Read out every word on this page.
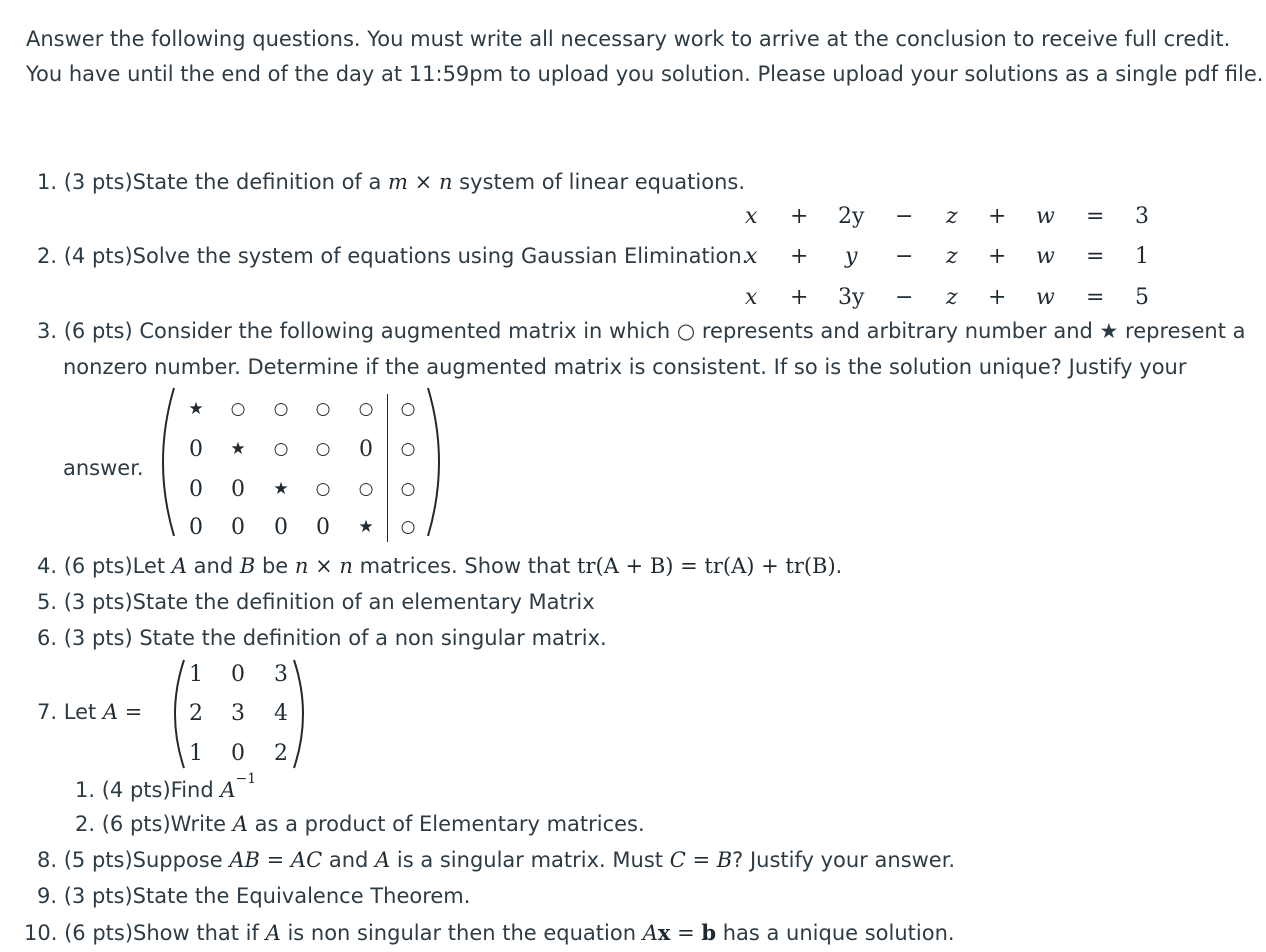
Answer the following questions. You must write all necessary work to arrive at the conclusion to receive full credit.
You have until the end of the day at 11:59pm to upload you solution. Please upload your solutions as a single pdf file.
1. (3 pts)State the definition of a m × n system of linear equations.
2. (4 pts)Solve the system of equations using Gaussian Elimination.
x + 2y − z + w = 3
x + y − z + w = 1
x + 3y − z + w = 5
3. (6 pts) Consider the following augmented matrix in which ○ represents and arbitrary number and ★ represent a
nonzero number. Determine if the augmented matrix is consistent. If so is the solution unique? Justify your
answer.
★	○	○	○	○	○
0	★	○	○	0	○
0	0	★	○	○	○
0	0	0	0	★	○
4. (6 pts)Let A and B be n × n matrices. Show that tr(A + B) = tr(A) + tr(B).
5. (3 pts)State the definition of an elementary Matrix
6. (3 pts) State the definition of a non singular matrix.
7. Let A =
1	0	3
2	3	4
1	0	2
1. (4 pts)Find $A^{-1}$
2. (6 pts)Write A as a product of Elementary matrices.
8. (5 pts)Suppose AB = AC and A is a singular matrix. Must C = B? Justify your answer.
9. (3 pts)State the Equivalence Theorem.
10. (6 pts)Show that if A is non singular then the equation Ax = b has a unique solution.
